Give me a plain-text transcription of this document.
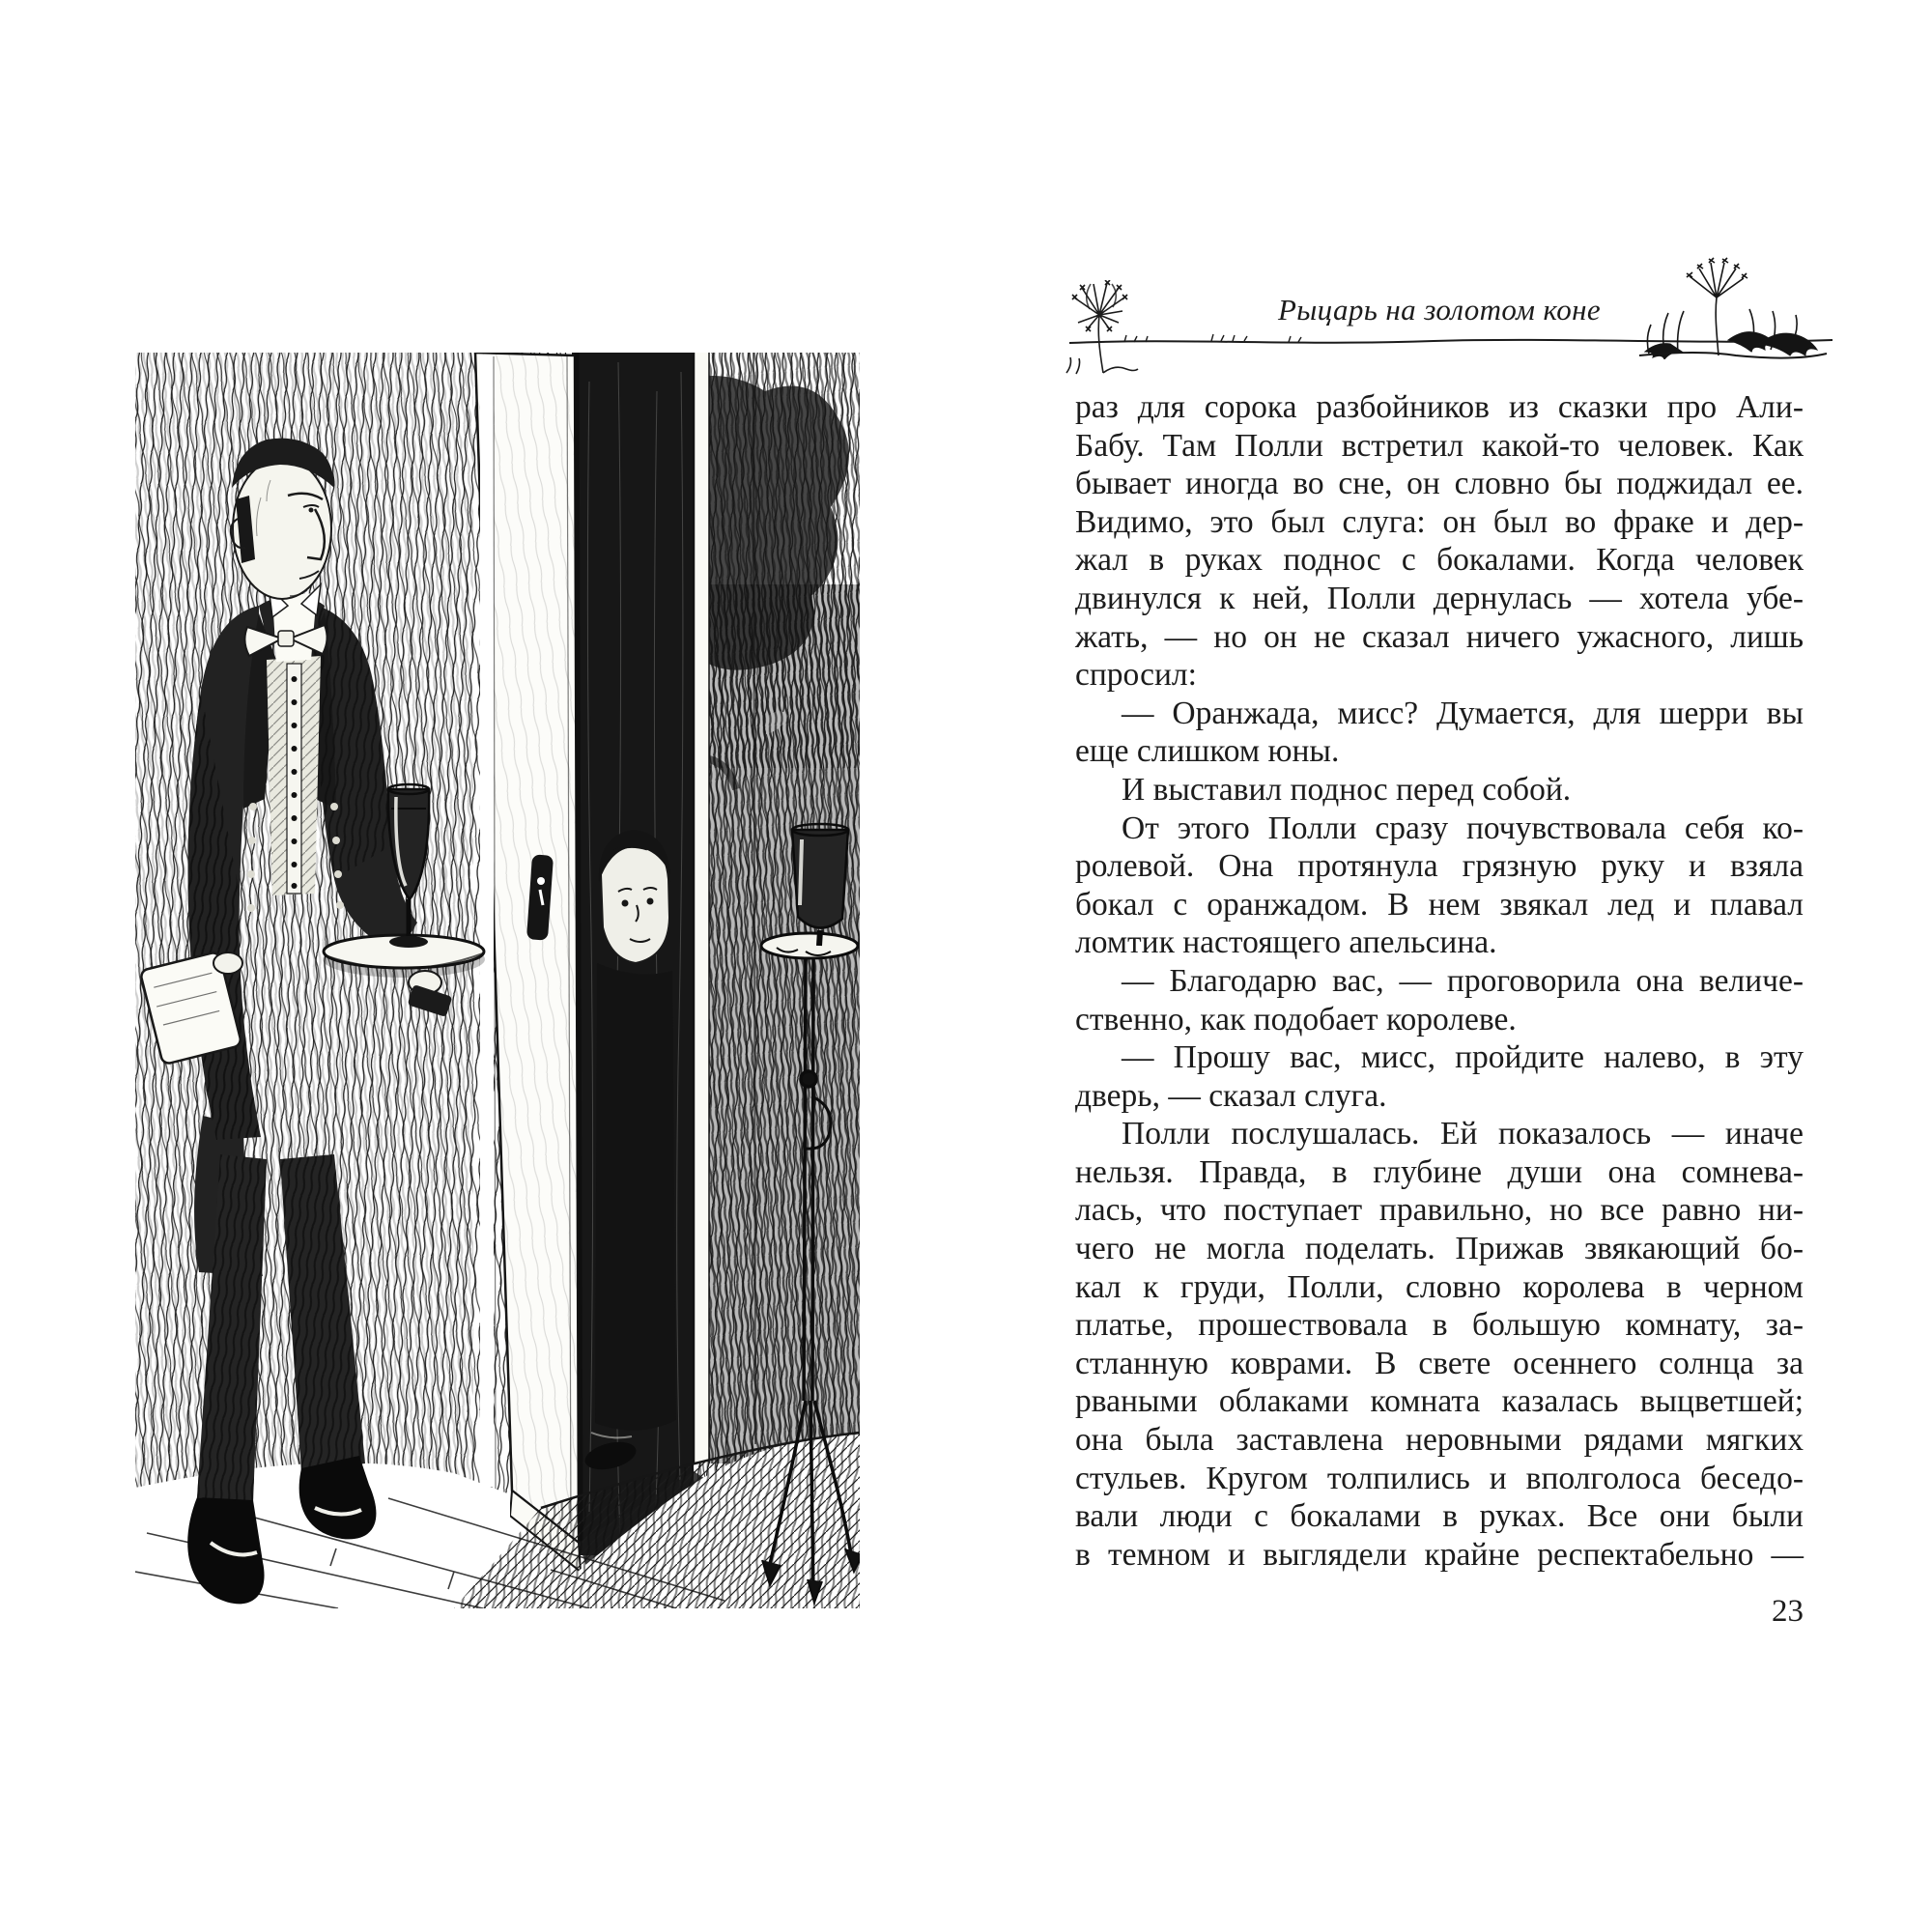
Рыцарь на золотом коне
раз для сорока разбойников из сказки про Али-
Бабу. Там Полли встретил какой-то человек. Как
бывает иногда во сне, он словно бы поджидал ее.
Видимо, это был слуга: он был во фраке и дер-
жал в руках поднос с бокалами. Когда человек
двинулся к ней, Полли дернулась — хотела убе-
жать, — но он не сказал ничего ужасного, лишь
спросил:
— Оранжада, мисс? Думается, для шерри вы
еще слишком юны.
И выставил поднос перед собой.
От этого Полли сразу почувствовала себя ко-
ролевой. Она протянула грязную руку и взяла
бокал с оранжадом. В нем звякал лед и плавал
ломтик настоящего апельсина.
— Благодарю вас, — проговорила она величе-
ственно, как подобает королеве.
— Прошу вас, мисс, пройдите налево, в эту
дверь, — сказал слуга.
Полли послушалась. Ей показалось — иначе
нельзя. Правда, в глубине души она сомнева-
лась, что поступает правильно, но все равно ни-
чего не могла поделать. Прижав звякающий бо-
кал к груди, Полли, словно королева в черном
платье, прошествовала в большую комнату, за-
стланную коврами. В свете осеннего солнца за
рваными облаками комната казалась выцветшей;
она была заставлена неровными рядами мягких
стульев. Кругом толпились и вполголоса беседо-
вали люди с бокалами в руках. Все они были
в темном и выглядели крайне респектабельно —
23
